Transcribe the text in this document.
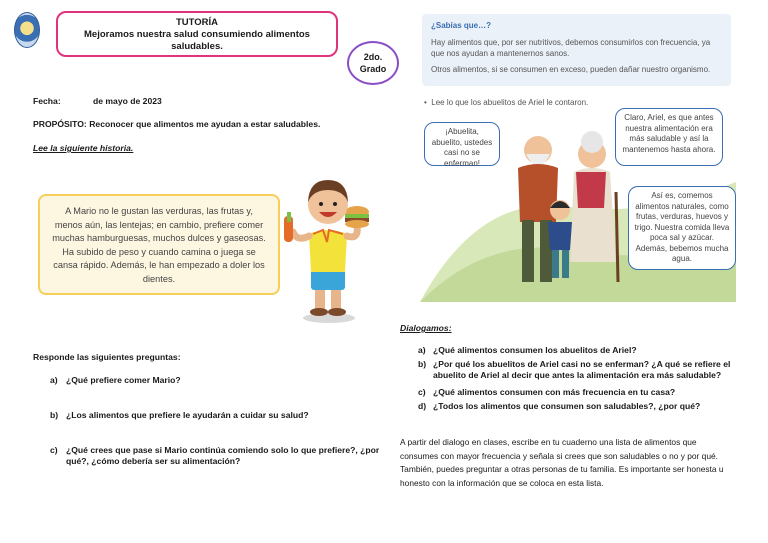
TUTORÍA
Mejoramos nuestra salud consumiendo alimentos
saludables.
2do.
Grado
Fecha:	de mayo de 2023
PROPÓSITO: Reconocer que alimentos me ayudan a estar saludables.
Lee la siguiente historia.
A Mario no le gustan las verduras, las frutas y, menos aún, las lentejas; en cambio, prefiere comer muchas hamburguesas, muchos dulces y gaseosas. Ha subido de peso y cuando camina o juega se cansa rápido. Además, le han empezado a doler los dientes.
Responde las siguientes preguntas:
a) ¿Qué prefiere comer Mario?
b) ¿Los alimentos que prefiere le ayudarán a cuidar su salud?
c) ¿Qué crees que pase si Mario continúa comiendo solo lo que prefiere?, ¿por qué?, ¿cómo debería ser su alimentación?
¿Sabías que…?
Hay alimentos que, por ser nutritivos, debemos consumirlos con frecuencia, ya que nos ayudan a mantenernos sanos.
Otros alimentos, si se consumen en exceso, pueden dañar nuestro organismo.
•  Lee lo que los abuelitos de Ariel le contaron.
¡Abuelita, abuelito, ustedes casi no se enferman!
Claro, Ariel, es que antes nuestra alimentación era más saludable y así la mantenemos hasta ahora.
Así es, comemos alimentos naturales, como frutas, verduras, huevos y trigo. Nuestra comida lleva poca sal y azúcar. Además, bebemos mucha agua.
Dialogamos:
a) ¿Qué alimentos consumen los abuelitos de Ariel?
b) ¿Por qué los abuelitos de Ariel casi no se enferman? ¿A qué se refiere el abuelito de Ariel al decir que antes la alimentación era más saludable?
c) ¿Qué alimentos consumen con más frecuencia en tu casa?
d) ¿Todos los alimentos que consumen son saludables?, ¿por qué?
A partir del dialogo en clases, escribe en tu cuaderno una lista de alimentos que consumes con mayor frecuencia y señala si crees que son saludables o no y por qué. También, puedes preguntar a otras personas de tu familia. Es importante ser honesta u honesto con la información que se coloca en esta lista.
